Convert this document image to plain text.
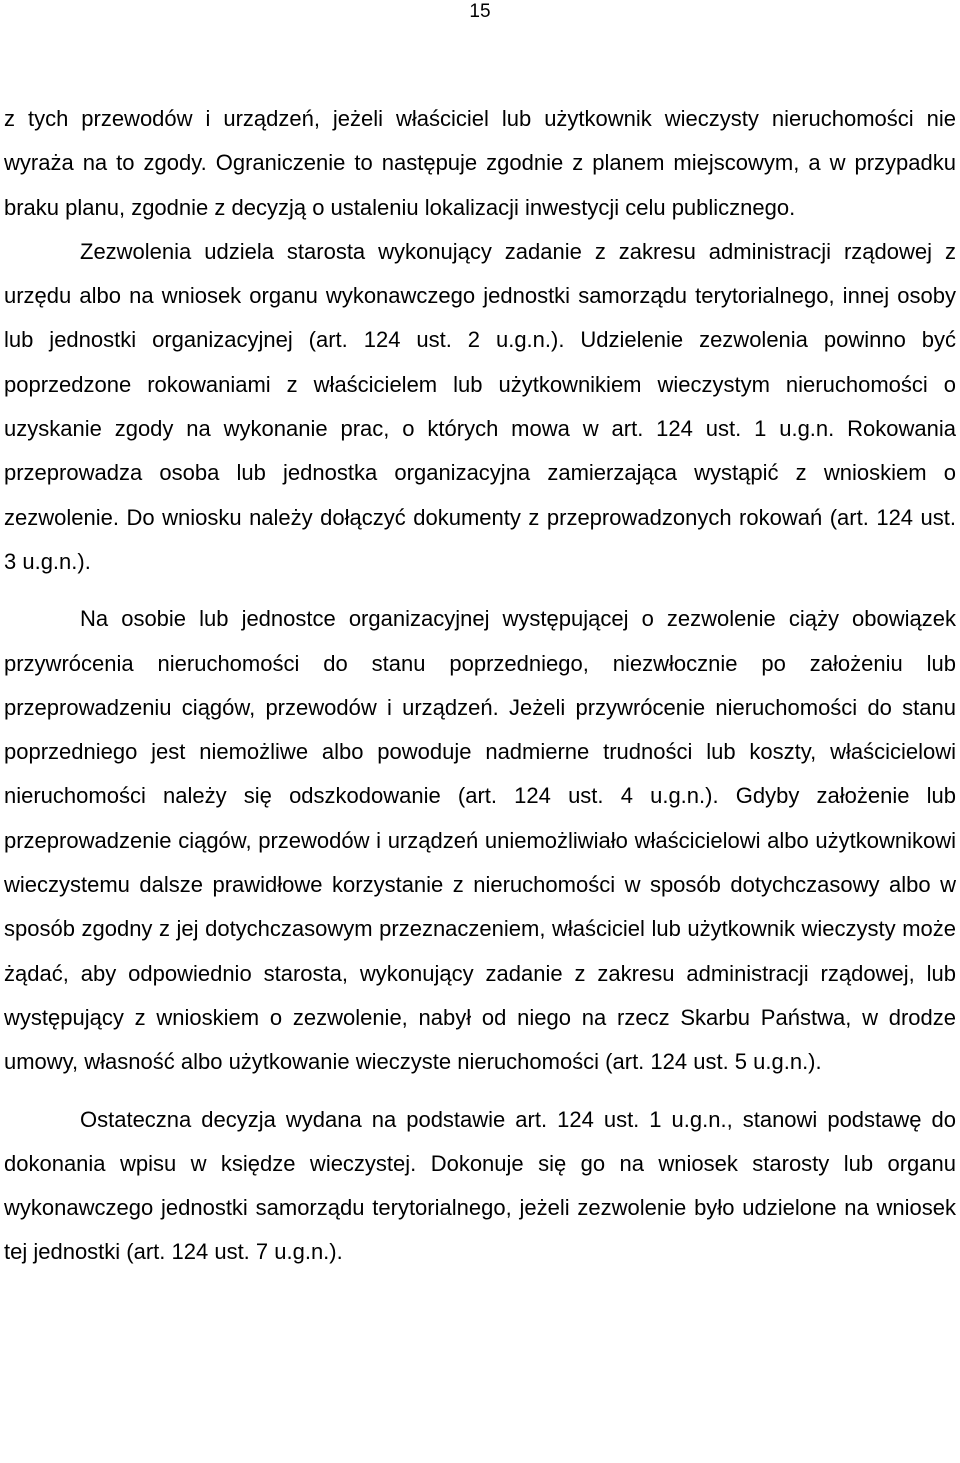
15

z tych przewodów i urządzeń, jeżeli właściciel lub użytkownik wieczysty nieruchomości nie wyraża na to zgody. Ograniczenie to następuje zgodnie z planem miejscowym, a w przypadku braku planu, zgodnie z decyzją o ustaleniu lokalizacji inwestycji celu publicznego.

Zezwolenia udziela starosta wykonujący zadanie z zakresu administracji rządowej z urzędu albo na wniosek organu wykonawczego jednostki samorządu terytorialnego, innej osoby lub jednostki organizacyjnej (art. 124 ust. 2 u.g.n.). Udzielenie zezwolenia powinno być poprzedzone rokowaniami z właścicielem lub użytkownikiem wieczystym nieruchomości o uzyskanie zgody na wykonanie prac, o których mowa w art. 124 ust. 1 u.g.n. Rokowania przeprowadza osoba lub jednostka organizacyjna zamierzająca wystąpić z wnioskiem o zezwolenie. Do wniosku należy dołączyć dokumenty z przeprowadzonych rokowań (art. 124 ust. 3 u.g.n.).

Na osobie lub jednostce organizacyjnej występującej o zezwolenie ciąży obowiązek przywrócenia nieruchomości do stanu poprzedniego, niezwłocznie po założeniu lub przeprowadzeniu ciągów, przewodów i urządzeń. Jeżeli przywrócenie nieruchomości do stanu poprzedniego jest niemożliwe albo powoduje nadmierne trudności lub koszty, właścicielowi nieruchomości należy się odszkodowanie (art. 124 ust. 4 u.g.n.). Gdyby założenie lub przeprowadzenie ciągów, przewodów i urządzeń uniemożliwiało właścicielowi albo użytkownikowi wieczystemu dalsze prawidłowe korzystanie z nieruchomości w sposób dotychczasowy albo w sposób zgodny z jej dotychczasowym przeznaczeniem, właściciel lub użytkownik wieczysty może żądać, aby odpowiednio starosta, wykonujący zadanie z zakresu administracji rządowej, lub występujący z wnioskiem o zezwolenie, nabył od niego na rzecz Skarbu Państwa, w drodze umowy, własność albo użytkowanie wieczyste nieruchomości (art. 124 ust. 5 u.g.n.).

Ostateczna decyzja wydana na podstawie art. 124 ust. 1 u.g.n., stanowi podstawę do dokonania wpisu w księdze wieczystej. Dokonuje się go na wniosek starosty lub organu wykonawczego jednostki samorządu terytorialnego, jeżeli zezwolenie było udzielone na wniosek tej jednostki (art. 124 ust. 7 u.g.n.).
